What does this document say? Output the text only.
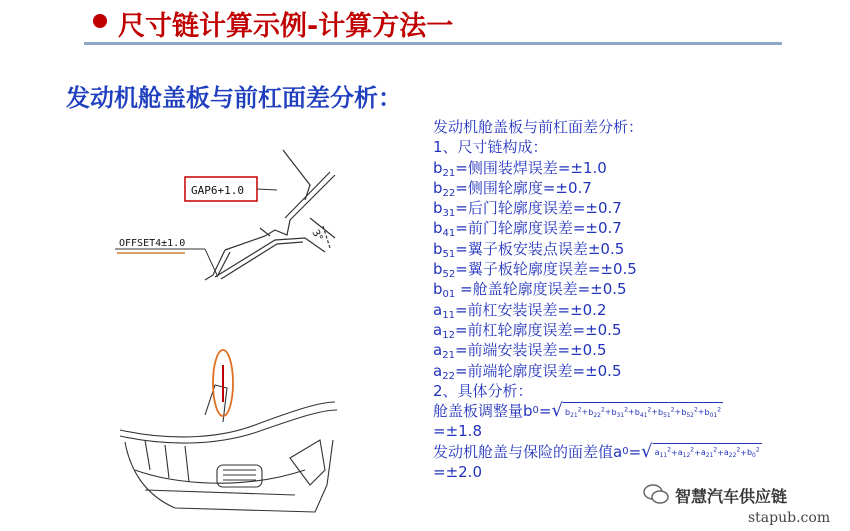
尺寸链计算示例-计算方法一
发动机舱盖板与前杠面差分析：
GAP6+1.0
OFFSET4±1.0
3°
发动机舱盖板与前杠面差分析：
1、尺寸链构成：
$b_{21}=$侧围装焊误差=±1.0
$b_{22}=$侧围轮廓度=±0.7
$b_{31}=$后门轮廓度误差=±0.7
$b_{41}=$前门轮廓度误差=±0.7
$b_{51}=$翼子板安装点误差±0.5
$b_{52}=$翼子板轮廓度误差=±0.5
$b_{01}$ =舱盖轮廓度误差=±0.5
$a_{11}=$前杠安装误差=±0.2
$a_{12}=$前杠轮廓度误差=±0.5
$a_{21}=$前端安装误差=±0.5
$a_{22}=$前端轮廓度误差=±0.5
2、具体分析：
舱盖板调整量 b 0 = √ $b_{21}^2+b_{22}^2+b_{31}^2+b_{41}^2+b_{51}^2+b_{52}^2+b_{01}^2$
=±1.8
发动机舱盖与保险的面差值 a 0 = √ $a_{11}^2+a_{12}^2+a_{21}^2+a_{22}^2+b_0^2$
=±2.0
智慧汽车供应链
stapub.com
